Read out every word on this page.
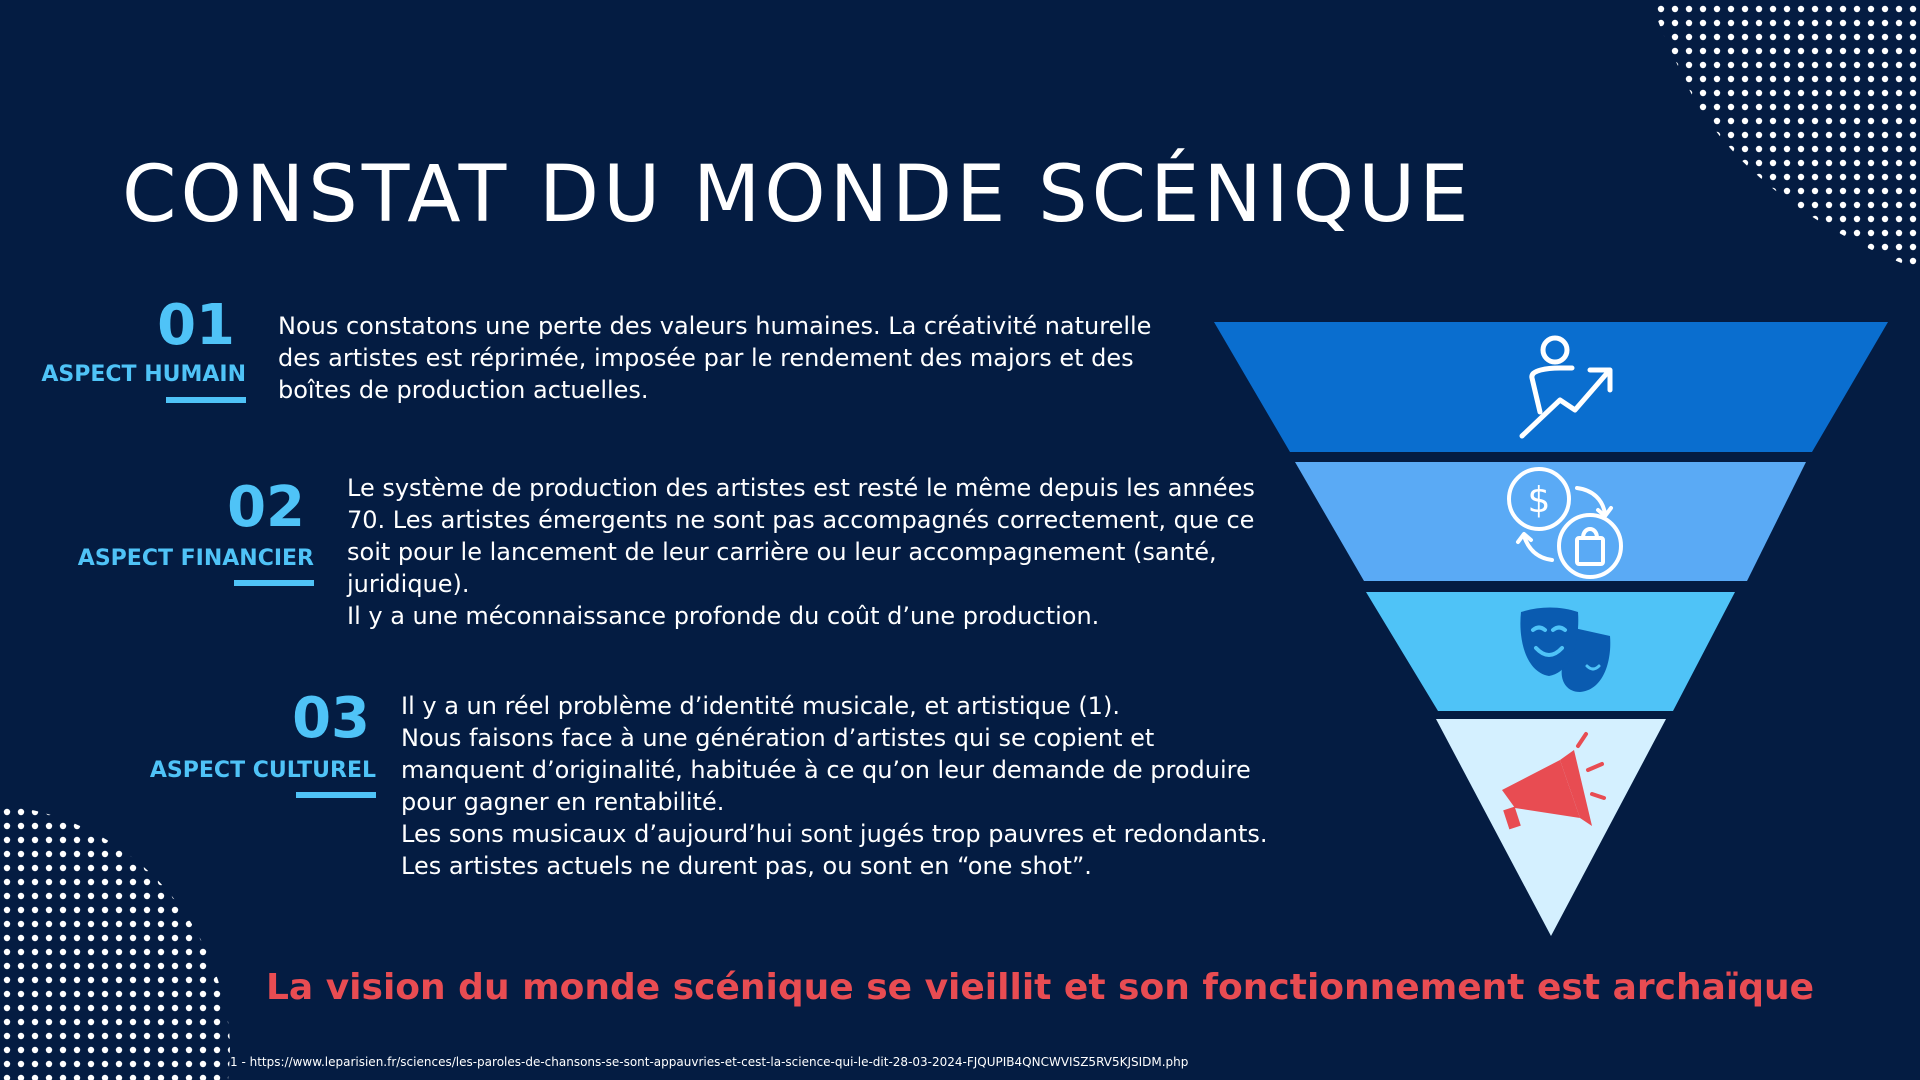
CONSTAT DU MONDE SCÉNIQUE
01
ASPECT HUMAIN

Nous constatons une perte des valeurs humaines. La créativité naturelle
des artistes est réprimée, imposée par le rendement des majors et des
boîtes de production actuelles.

02
ASPECT FINANCIER

Le système de production des artistes est resté le même depuis les années
70. Les artistes émergents ne sont pas accompagnés correctement, que ce
soit pour le lancement de leur carrière ou leur accompagnement (santé,
juridique).
Il y a une méconnaissance profonde du coût d’une production.

03
ASPECT CULTUREL

Il y a un réel problème d’identité musicale, et artistique (1).
Nous faisons face à une génération d’artistes qui se copient et
manquent d’originalité, habituée à ce qu’on leur demande de produire
pour gagner en rentabilité.
Les sons musicaux d’aujourd’hui sont jugés trop pauvres et redondants.
Les artistes actuels ne durent pas, ou sont en “one shot”.

$

La vision du monde scénique se vieillit et son fonctionnement est archaïque

1 - https://www.leparisien.fr/sciences/les-paroles-de-chansons-se-sont-appauvries-et-cest-la-science-qui-le-dit-28-03-2024-FJQUPIB4QNCWVISZ5RV5KJSIDM.php
